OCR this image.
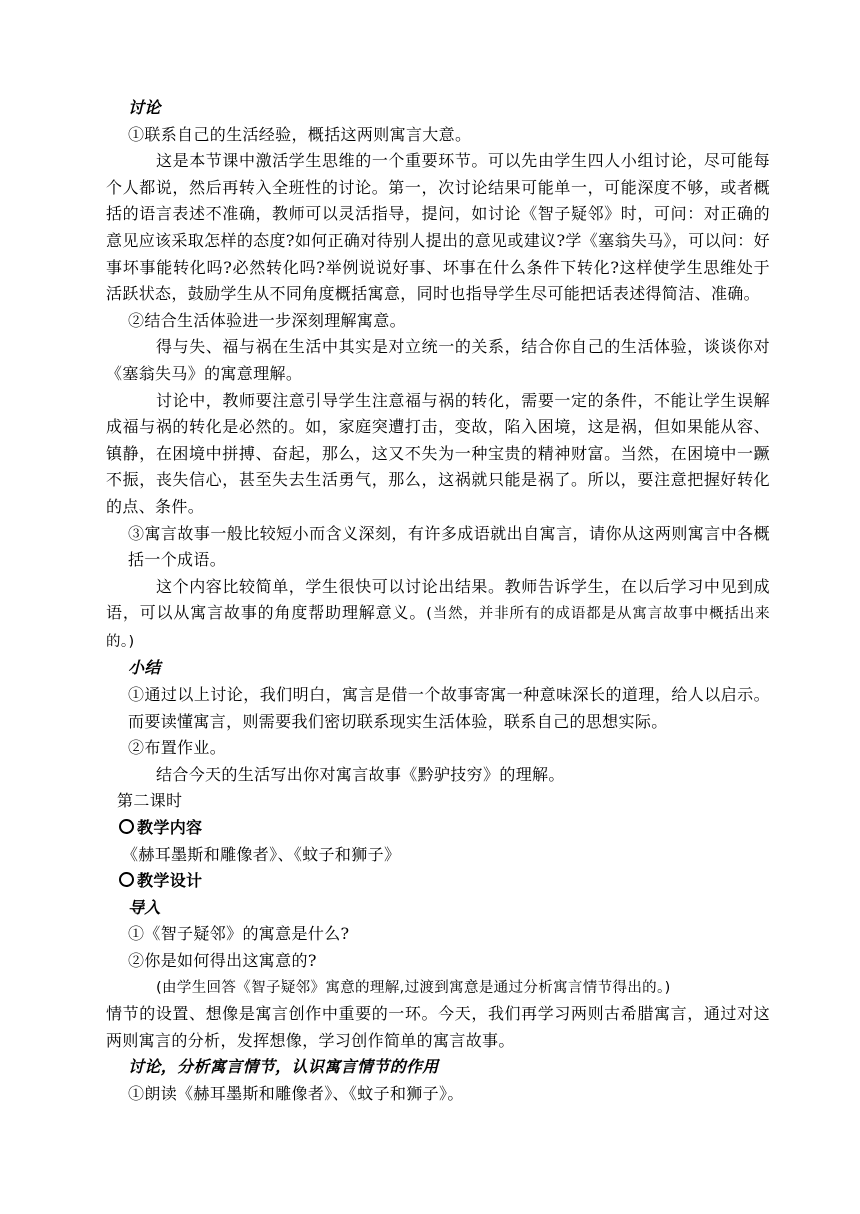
讨论
①联系自己的生活经验，概括这两则寓言大意。
这是本节课中激活学生思维的一个重要环节。可以先由学生四人小组讨论，尽可能每个人都说，然后再转入全班性的讨论。第一，次讨论结果可能单一，可能深度不够，或者概括的语言表述不准确，教师可以灵活指导，提问，如讨论《智子疑邻》时，可问：对正确的意见应该采取怎样的态度?如何正确对待别人提出的意见或建议?学《塞翁失马》，可以问：好事坏事能转化吗?必然转化吗?举例说说好事、坏事在什么条件下转化?这样使学生思维处于活跃状态，鼓励学生从不同角度概括寓意，同时也指导学生尽可能把话表述得简洁、准确。
②结合生活体验进一步深刻理解寓意。
得与失、福与祸在生活中其实是对立统一的关系，结合你自己的生活体验，谈谈你对《塞翁失马》的寓意理解。
讨论中，教师要注意引导学生注意福与祸的转化，需要一定的条件，不能让学生误解成福与祸的转化是必然的。如，家庭突遭打击，变故，陷入困境，这是祸，但如果能从容、镇静，在困境中拼搏、奋起，那么，这又不失为一种宝贵的精神财富。当然，在困境中一蹶不振，丧失信心，甚至失去生活勇气，那么，这祸就只能是祸了。所以，要注意把握好转化的点、条件。
③寓言故事一般比较短小而含义深刻，有许多成语就出自寓言，请你从这两则寓言中各概括一个成语。
这个内容比较简单，学生很快可以讨论出结果。教师告诉学生，在以后学习中见到成语，可以从寓言故事的角度帮助理解意义。(当然，并非所有的成语都是从寓言故事中概括出来的。)
小结
①通过以上讨论，我们明白，寓言是借一个故事寄寓一种意味深长的道理，给人以启示。而要读懂寓言，则需要我们密切联系现实生活体验，联系自己的思想实际。
②布置作业。
结合今天的生活写出你对寓言故事《黔驴技穷》的理解。
第二课时
教学内容
《赫耳墨斯和雕像者》、《蚊子和狮子》
教学设计
导入
①《智子疑邻》的寓意是什么?
②你是如何得出这寓意的?
(由学生回答《智子疑邻》寓意的理解,过渡到寓意是通过分析寓言情节得出的。)
情节的设置、想像是寓言创作中重要的一环。今天，我们再学习两则古希腊寓言，通过对这两则寓言的分析，发挥想像，学习创作简单的寓言故事。
讨论，分析寓言情节，认识寓言情节的作用
①朗读《赫耳墨斯和雕像者》、《蚊子和狮子》。
